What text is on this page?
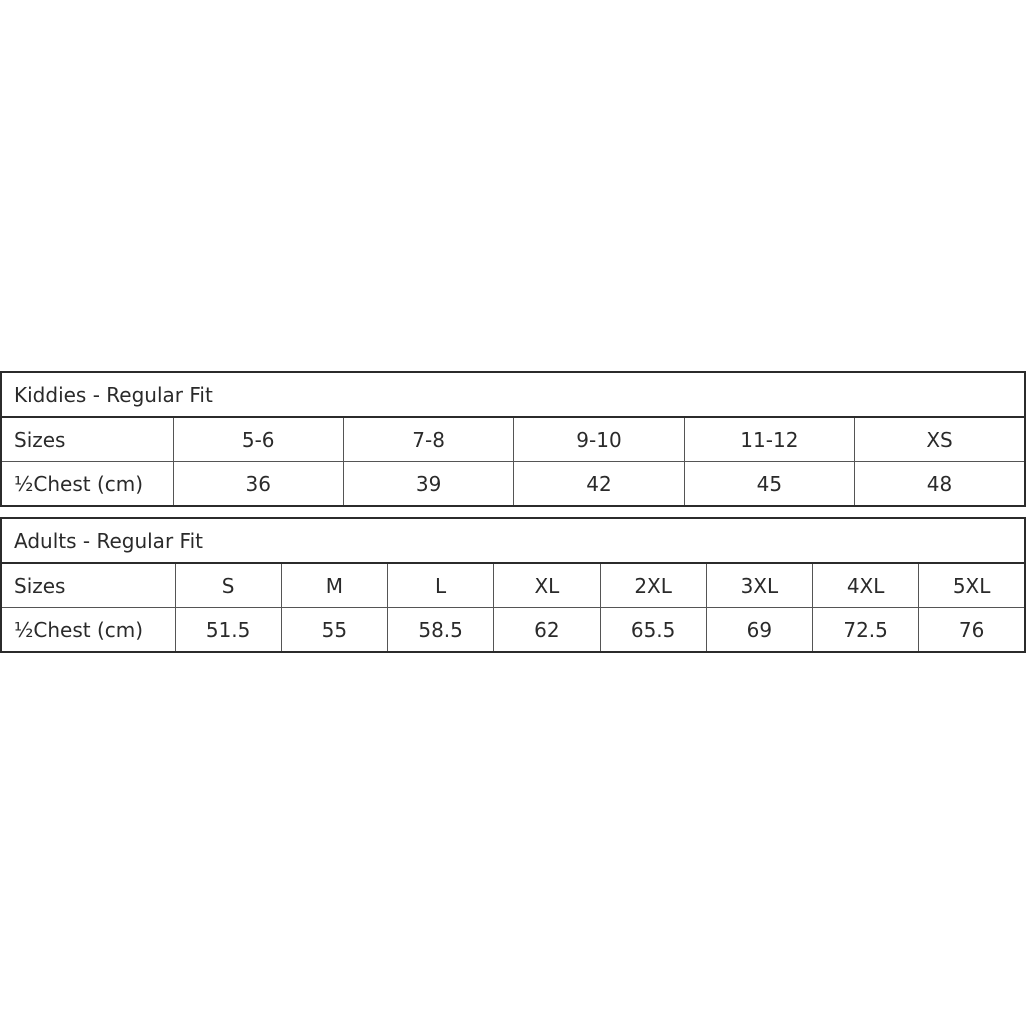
Kiddies - Regular Fit					
Sizes	5-6	7-8	9-10	11-12	XS
½Chest (cm)	36	39	42	45	48
Adults - Regular Fit								
Sizes	S	M	L	XL	2XL	3XL	4XL	5XL
½Chest (cm)	51.5	55	58.5	62	65.5	69	72.5	76
